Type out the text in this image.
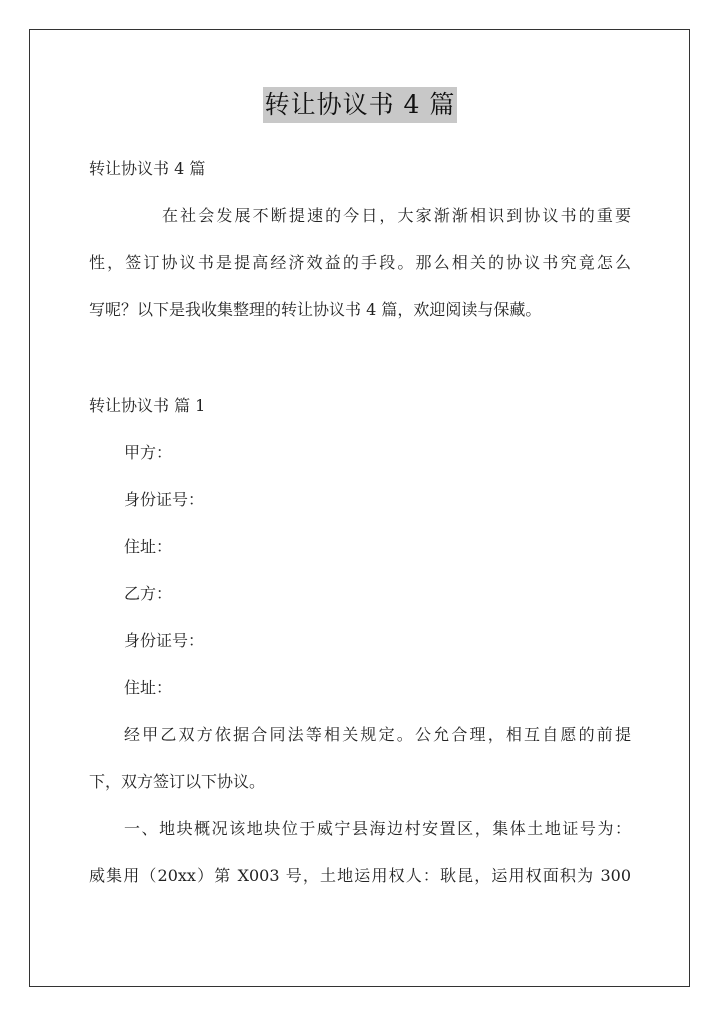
转让协议书 4 篇
转让协议书 4 篇
在社会发展不断提速的今日，大家渐渐相识到协议书的重要
性，签订协议书是提高经济效益的手段。那么相关的协议书究竟怎么
写呢？以下是我收集整理的转让协议书 4 篇，欢迎阅读与保藏。
转让协议书 篇 1
甲方：
身份证号：
住址：
乙方：
身份证号：
住址：
经甲乙双方依据合同法等相关规定。公允合理，相互自愿的前提
下，双方签订以下协议。
一、地块概况该地块位于威宁县海边村安置区，集体土地证号为：
威集用（20xx）第 X003 号，土地运用权人：耿昆，运用权面积为 300
